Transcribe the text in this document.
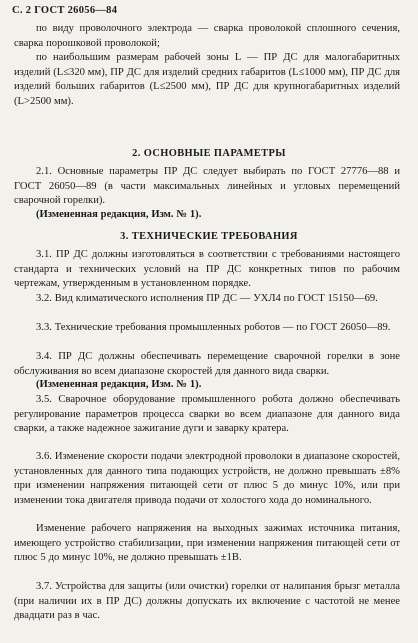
С. 2 ГОСТ 26056—84
по виду проволочного электрода — сварка проволокой сплошного сечения, сварка порошковой проволокой;
по наибольшим размерам рабочей зоны L — ПР ДС для малогабаритных изделий (L≤320 мм), ПР ДС для изделий средних габаритов (L≤1000 мм), ПР ДС для изделий больших габаритов (L≤2500 мм), ПР ДС для крупногабаритных изделий (L>2500 мм).
2. ОСНОВНЫЕ ПАРАМЕТРЫ
2.1. Основные параметры ПР ДС следует выбирать по ГОСТ 27776—88 и ГОСТ 26050—89 (в части максимальных линейных и угловых перемещений сварочной горелки).
(Измененная редакция, Изм. № 1).
3. ТЕХНИЧЕСКИЕ ТРЕБОВАНИЯ
3.1. ПР ДС должны изготовляться в соответствии с требованиями настоящего стандарта и технических условий на ПР ДС конкретных типов по рабочим чертежам, утвержденным в установленном порядке.
3.2. Вид климатического исполнения ПР ДС — УХЛ4 по ГОСТ 15150—69.
3.3. Технические требования промышленных роботов — по ГОСТ 26050—89.
3.4. ПР ДС должны обеспечивать перемещение сварочной горелки в зоне обслуживания во всем диапазоне скоростей для данного вида сварки.
(Измененная редакция, Изм. № 1).
3.5. Сварочное оборудование промышленного робота должно обеспечивать регулирование параметров процесса сварки во всем диапазоне для данного вида сварки, а также надежное зажигание дуги и заварку кратера.
3.6. Изменение скорости подачи электродной проволоки в диапазоне скоростей, установленных для данного типа подающих устройств, не должно превышать ±8% при изменении напряжения питающей сети от плюс 5 до минус 10%, или при изменении тока двигателя привода подачи от холостого хода до номинального.
Изменение рабочего напряжения на выходных зажимах источника питания, имеющего устройство стабилизации, при изменении напряжения питающей сети от плюс 5 до минус 10%, не должно превышать ±1В.
3.7. Устройства для защиты (или очистки) горелки от налипания брызг металла (при наличии их в ПР ДС) должны допускать их включение с частотой не менее двадцати раз в час.
